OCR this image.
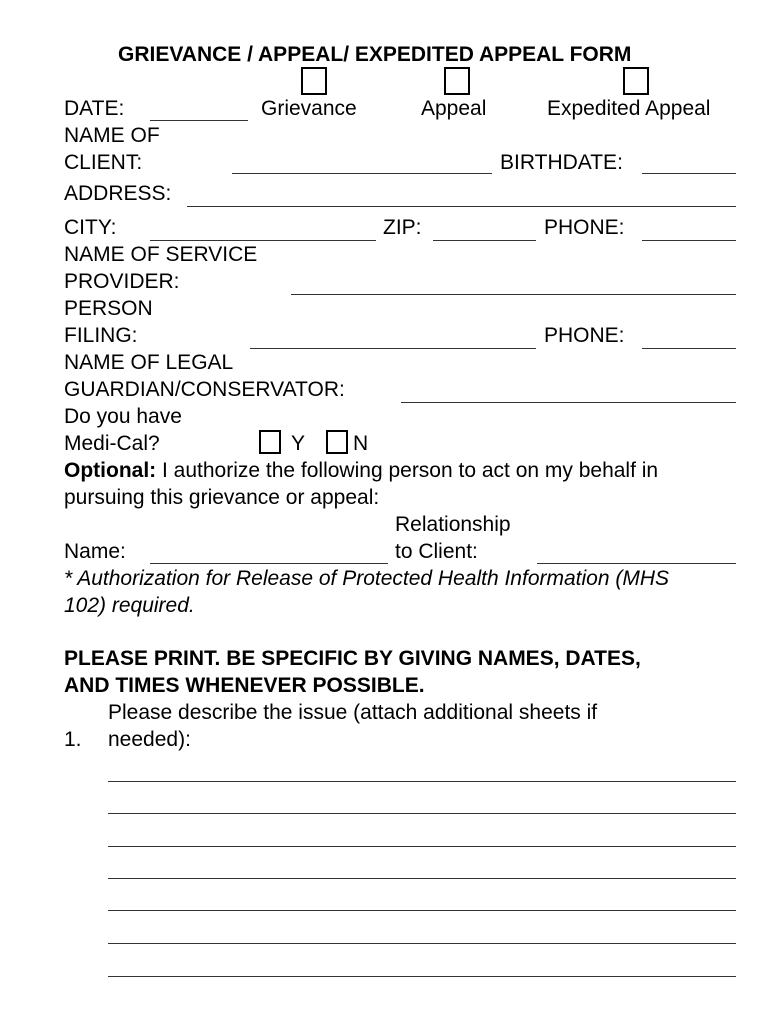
GRIEVANCE / APPEAL/ EXPEDITED APPEAL FORM
DATE:	Grievance	Appeal	Expedited Appeal
NAME OF
CLIENT:	BIRTHDATE:
ADDRESS:
CITY:	ZIP:	PHONE:
NAME OF SERVICE
PROVIDER:
PERSON
FILING:	PHONE:
NAME OF LEGAL
GUARDIAN/CONSERVATOR:
Do you have
Medi-Cal?	Y N
Optional: I authorize the following person to act on my behalf in
pursuing this grievance or appeal:
Relationship
Name:	to Client:
* Authorization for Release of Protected Health Information (MHS
102) required.
PLEASE PRINT. BE SPECIFIC BY GIVING NAMES, DATES,
AND TIMES WHENEVER POSSIBLE.
Please describe the issue (attach additional sheets if
1. needed):
